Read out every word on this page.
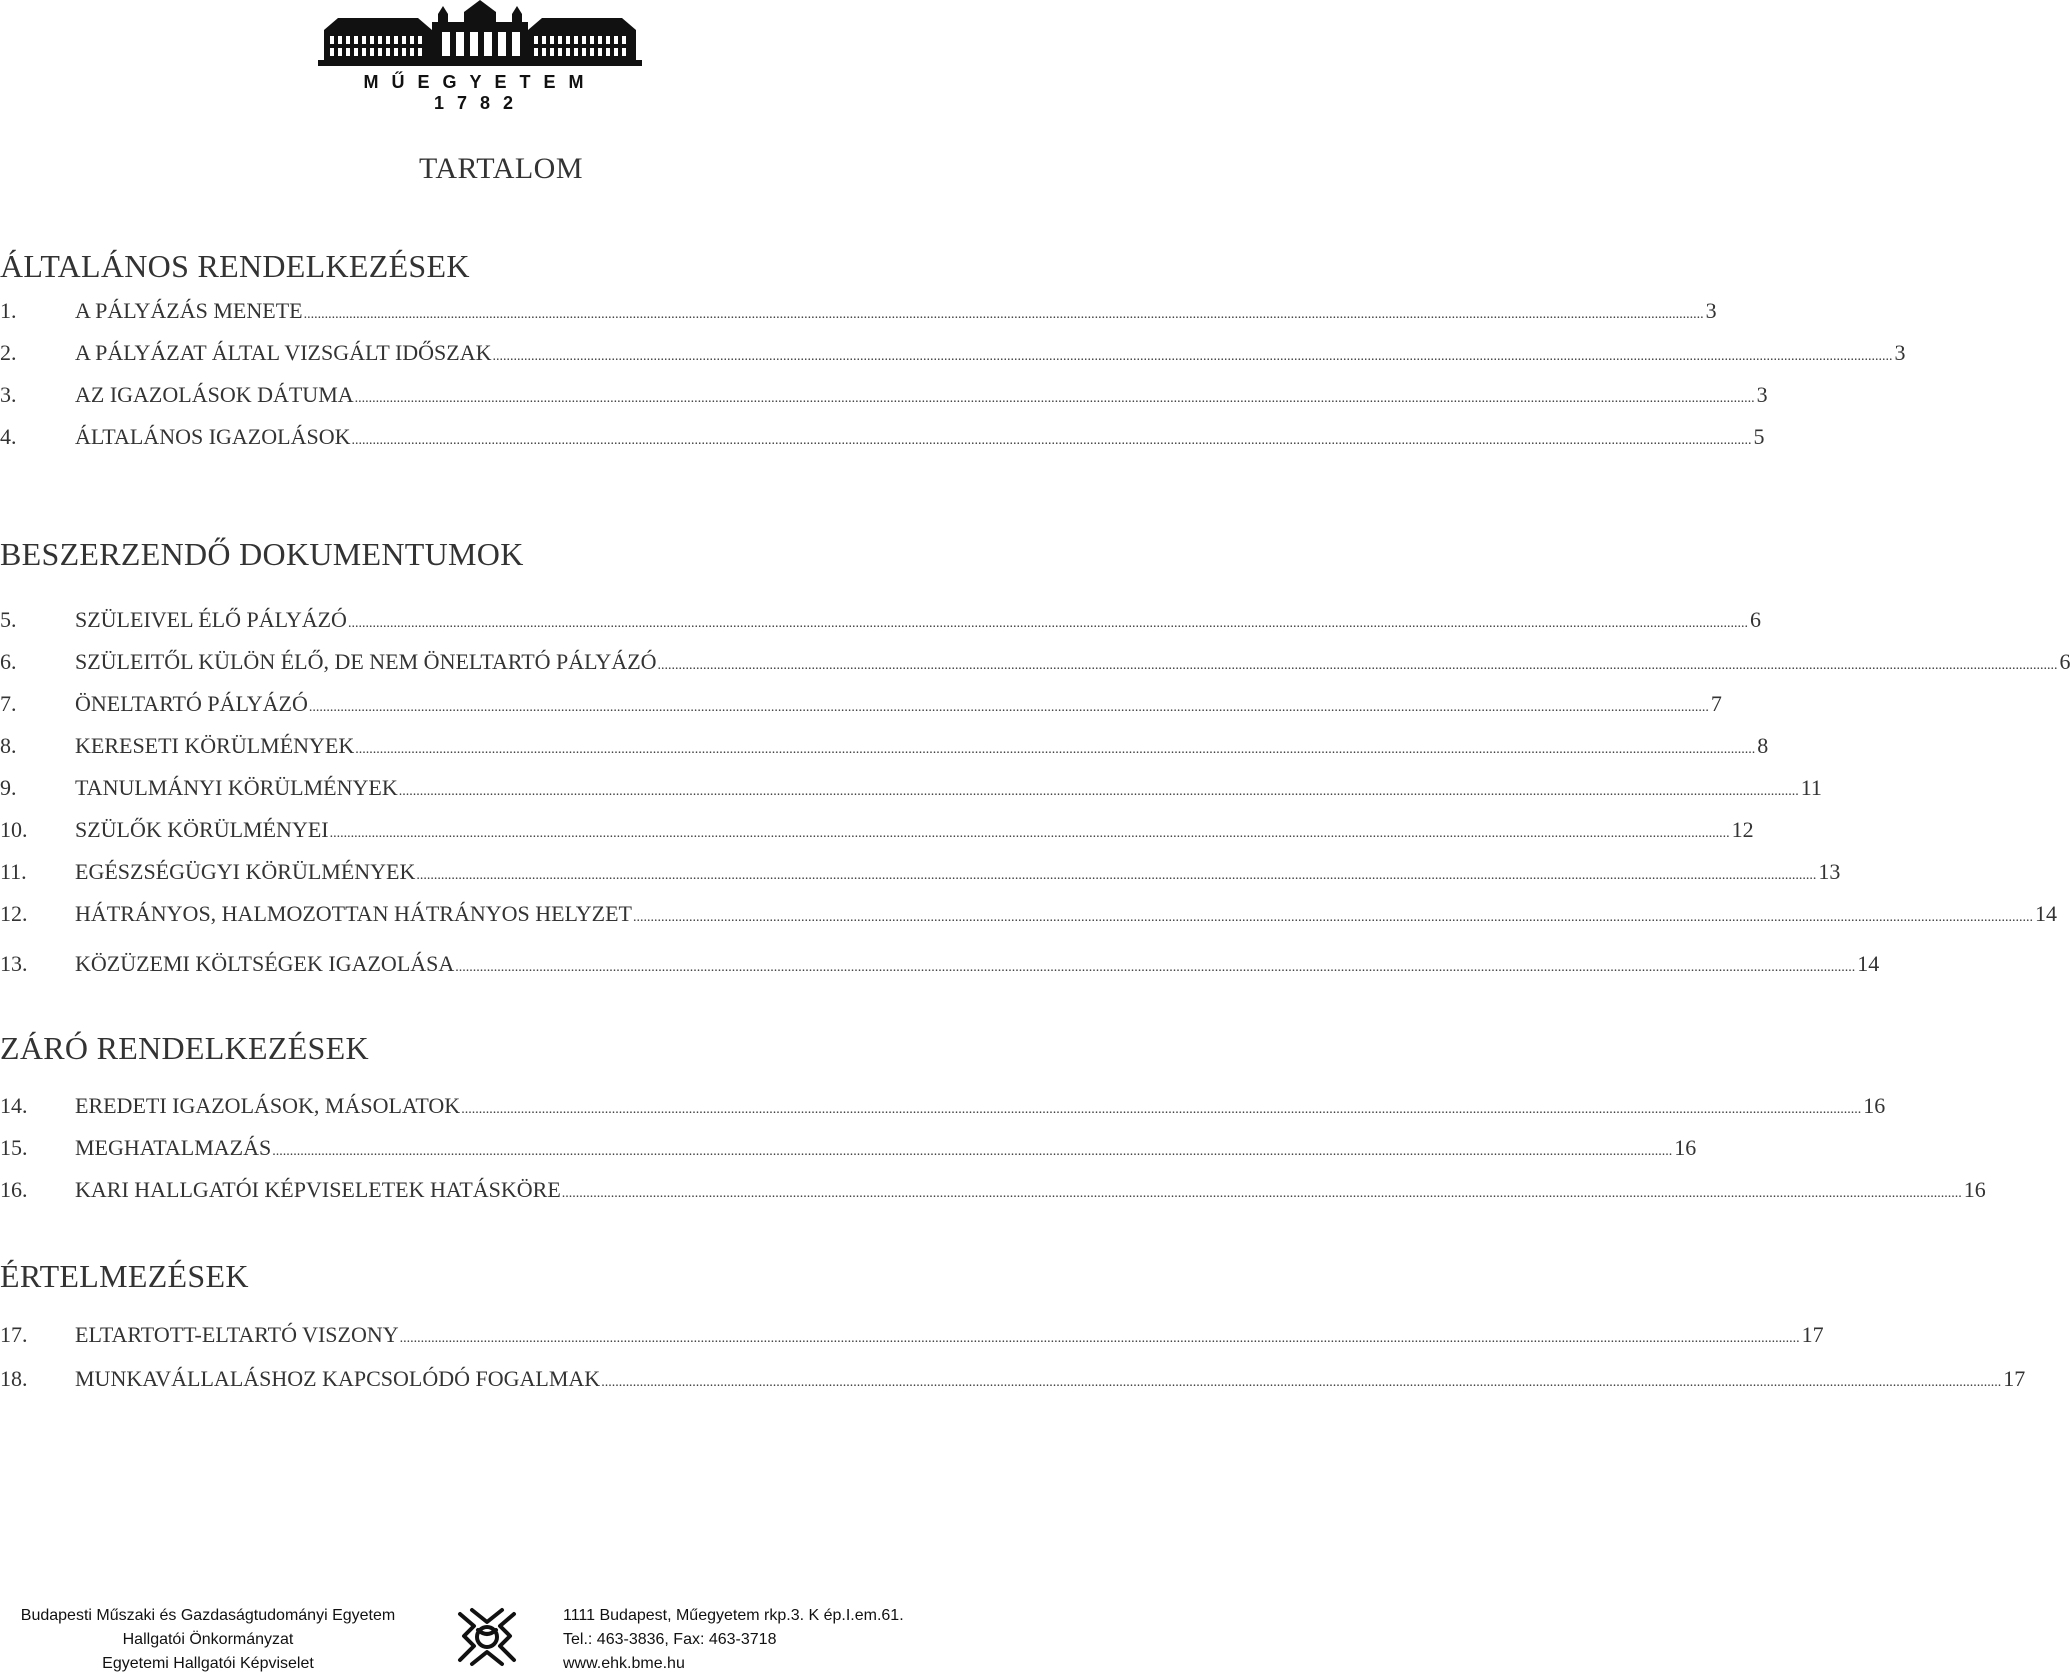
MŰEGYETEM 1782
TARTALOM
ÁLTALÁNOS RENDELKEZÉSEK
1.	A PÁLYÁZÁS MENETE ................................................................................................................................................................................................................................................................................................................................................................................................................ 3
2.	A PÁLYÁZAT ÁLTAL VIZSGÁLT IDŐSZAK ................................................................................................................................................................................................................................................................................................................................................................................................................ 3
3.	AZ IGAZOLÁSOK DÁTUMA ................................................................................................................................................................................................................................................................................................................................................................................................................ 3
4.	ÁLTALÁNOS IGAZOLÁSOK ................................................................................................................................................................................................................................................................................................................................................................................................................ 5
BESZERZENDŐ DOKUMENTUMOK
5.	SZÜLEIVEL ÉLŐ PÁLYÁZÓ ................................................................................................................................................................................................................................................................................................................................................................................................................ 6
6.	SZÜLEITŐL KÜLÖN ÉLŐ, DE NEM ÖNELTARTÓ PÁLYÁZÓ ................................................................................................................................................................................................................................................................................................................................................................................................................ 6
7.	ÖNELTARTÓ PÁLYÁZÓ ................................................................................................................................................................................................................................................................................................................................................................................................................ 7
8.	KERESETI KÖRÜLMÉNYEK ................................................................................................................................................................................................................................................................................................................................................................................................................ 8
9.	TANULMÁNYI KÖRÜLMÉNYEK ................................................................................................................................................................................................................................................................................................................................................................................................................ 11
10.	SZÜLŐK KÖRÜLMÉNYEI ................................................................................................................................................................................................................................................................................................................................................................................................................ 12
11.	EGÉSZSÉGÜGYI KÖRÜLMÉNYEK ................................................................................................................................................................................................................................................................................................................................................................................................................ 13
12.	HÁTRÁNYOS, HALMOZOTTAN HÁTRÁNYOS HELYZET ................................................................................................................................................................................................................................................................................................................................................................................................................ 14
13.	KÖZÜZEMI KÖLTSÉGEK IGAZOLÁSA ................................................................................................................................................................................................................................................................................................................................................................................................................ 14
ZÁRÓ RENDELKEZÉSEK
14.	EREDETI IGAZOLÁSOK, MÁSOLATOK ................................................................................................................................................................................................................................................................................................................................................................................................................ 16
15.	MEGHATALMAZÁS ................................................................................................................................................................................................................................................................................................................................................................................................................ 16
16.	KARI HALLGATÓI KÉPVISELETEK HATÁSKÖRE ................................................................................................................................................................................................................................................................................................................................................................................................................ 16
ÉRTELMEZÉSEK
17.	ELTARTOTT-ELTARTÓ VISZONY ................................................................................................................................................................................................................................................................................................................................................................................................................ 17
18.	MUNKAVÁLLALÁSHOZ KAPCSOLÓDÓ FOGALMAK ................................................................................................................................................................................................................................................................................................................................................................................................................ 17
Budapesti Műszaki és Gazdaságtudományi Egyetem
Hallgatói Önkormányzat
Egyetemi Hallgatói Képviselet
1111 Budapest, Műegyetem rkp.3. K ép.I.em.61.
Tel.: 463-3836, Fax: 463-3718
www.ehk.bme.hu
